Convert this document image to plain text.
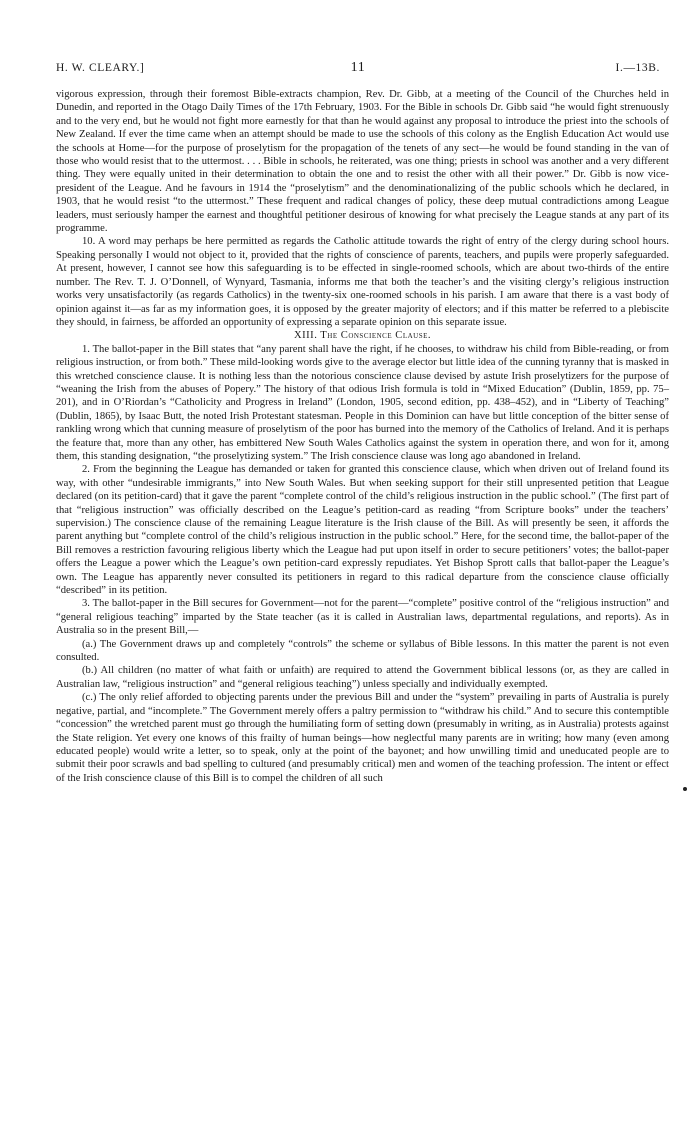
H. W. CLEARY.]	11	I.—13B.

vigorous expression, through their foremost Bible-extracts champion, Rev. Dr. Gibb, at a meeting of the Council of the Churches held in Dunedin, and reported in the Otago Daily Times of the 17th February, 1903. For the Bible in schools Dr. Gibb said “he would fight strenuously and to the very end, but he would not fight more earnestly for that than he would against any proposal to introduce the priest into the schools of New Zealand. If ever the time came when an attempt should be made to use the schools of this colony as the English Education Act would use the schools at Home—for the purpose of proselytism for the propagation of the tenets of any sect—he would be found standing in the van of those who would resist that to the uttermost. . . . Bible in schools, he reiterated, was one thing; priests in school was another and a very different thing. They were equally united in their determination to obtain the one and to resist the other with all their power.” Dr. Gibb is now vice-president of the League. And he favours in 1914 the “proselytism” and the denominationalizing of the public schools which he declared, in 1903, that he would resist “to the uttermost.” These frequent and radical changes of policy, these deep mutual contradictions among League leaders, must seriously hamper the earnest and thoughtful petitioner desirous of knowing for what precisely the League stands at any part of its programme.

10. A word may perhaps be here permitted as regards the Catholic attitude towards the right of entry of the clergy during school hours. Speaking personally I would not object to it, provided that the rights of conscience of parents, teachers, and pupils were properly safeguarded. At present, however, I cannot see how this safeguarding is to be effected in single-roomed schools, which are about two-thirds of the entire number. The Rev. T. J. O’Donnell, of Wynyard, Tasmania, informs me that both the teacher’s and the visiting clergy’s religious instruction works very unsatisfactorily (as regards Catholics) in the twenty-six one-roomed schools in his parish. I am aware that there is a vast body of opinion against it—as far as my information goes, it is opposed by the greater majority of electors; and if this matter be referred to a plebiscite they should, in fairness, be afforded an opportunity of expressing a separate opinion on this separate issue.

XIII. The Conscience Clause.

1. The ballot-paper in the Bill states that “any parent shall have the right, if he chooses, to withdraw his child from Bible-reading, or from religious instruction, or from both.” These mild-looking words give to the average elector but little idea of the cunning tyranny that is masked in this wretched conscience clause. It is nothing less than the notorious conscience clause devised by astute Irish proselytizers for the purpose of “weaning the Irish from the abuses of Popery.” The history of that odious Irish formula is told in “Mixed Education” (Dublin, 1859, pp. 75–201), and in O’Riordan’s “Catholicity and Progress in Ireland” (London, 1905, second edition, pp. 438–452), and in “Liberty of Teaching” (Dublin, 1865), by Isaac Butt, the noted Irish Protestant statesman. People in this Dominion can have but little conception of the bitter sense of rankling wrong which that cunning measure of proselytism of the poor has burned into the memory of the Catholics of Ireland. And it is perhaps the feature that, more than any other, has embittered New South Wales Catholics against the system in operation there, and won for it, among them, this standing designation, “the proselytizing system.” The Irish conscience clause was long ago abandoned in Ireland.

2. From the beginning the League has demanded or taken for granted this conscience clause, which when driven out of Ireland found its way, with other “undesirable immigrants,” into New South Wales. But when seeking support for their still unpresented petition that League declared (on its petition-card) that it gave the parent “complete control of the child’s religious instruction in the public school.” (The first part of that “religious instruction” was officially described on the League’s petition-card as reading “from Scripture books” under the teachers’ supervision.) The conscience clause of the remaining League literature is the Irish clause of the Bill. As will presently be seen, it affords the parent anything but “complete control of the child’s religious instruction in the public school.” Here, for the second time, the ballot-paper of the Bill removes a restriction favouring religious liberty which the League had put upon itself in order to secure petitioners’ votes; the ballot-paper offers the League a power which the League’s own petition-card expressly repudiates. Yet Bishop Sprott calls that ballot-paper the League’s own. The League has apparently never consulted its petitioners in regard to this radical departure from the conscience clause officially “described” in its petition.

3. The ballot-paper in the Bill secures for Government—not for the parent—“complete” positive control of the “religious instruction” and “general religious teaching” imparted by the State teacher (as it is called in Australian laws, departmental regulations, and reports). As in Australia so in the present Bill,—

(a.) The Government draws up and completely “controls” the scheme or syllabus of Bible lessons. In this matter the parent is not even consulted.

(b.) All children (no matter of what faith or unfaith) are required to attend the Government biblical lessons (or, as they are called in Australian law, “religious instruction” and “general religious teaching”) unless specially and individually exempted.

(c.) The only relief afforded to objecting parents under the previous Bill and under the “system” prevailing in parts of Australia is purely negative, partial, and “incomplete.” The Government merely offers a paltry permission to “withdraw his child.” And to secure this contemptible “concession” the wretched parent must go through the humiliating form of setting down (presumably in writing, as in Australia) protests against the State religion. Yet every one knows of this frailty of human beings—how neglectful many parents are in writing; how many (even among educated people) would write a letter, so to speak, only at the point of the bayonet; and how unwilling timid and uneducated people are to submit their poor scrawls and bad spelling to cultured (and presumably critical) men and women of the teaching profession. The intent or effect of the Irish conscience clause of this Bill is to compel the children of all such
